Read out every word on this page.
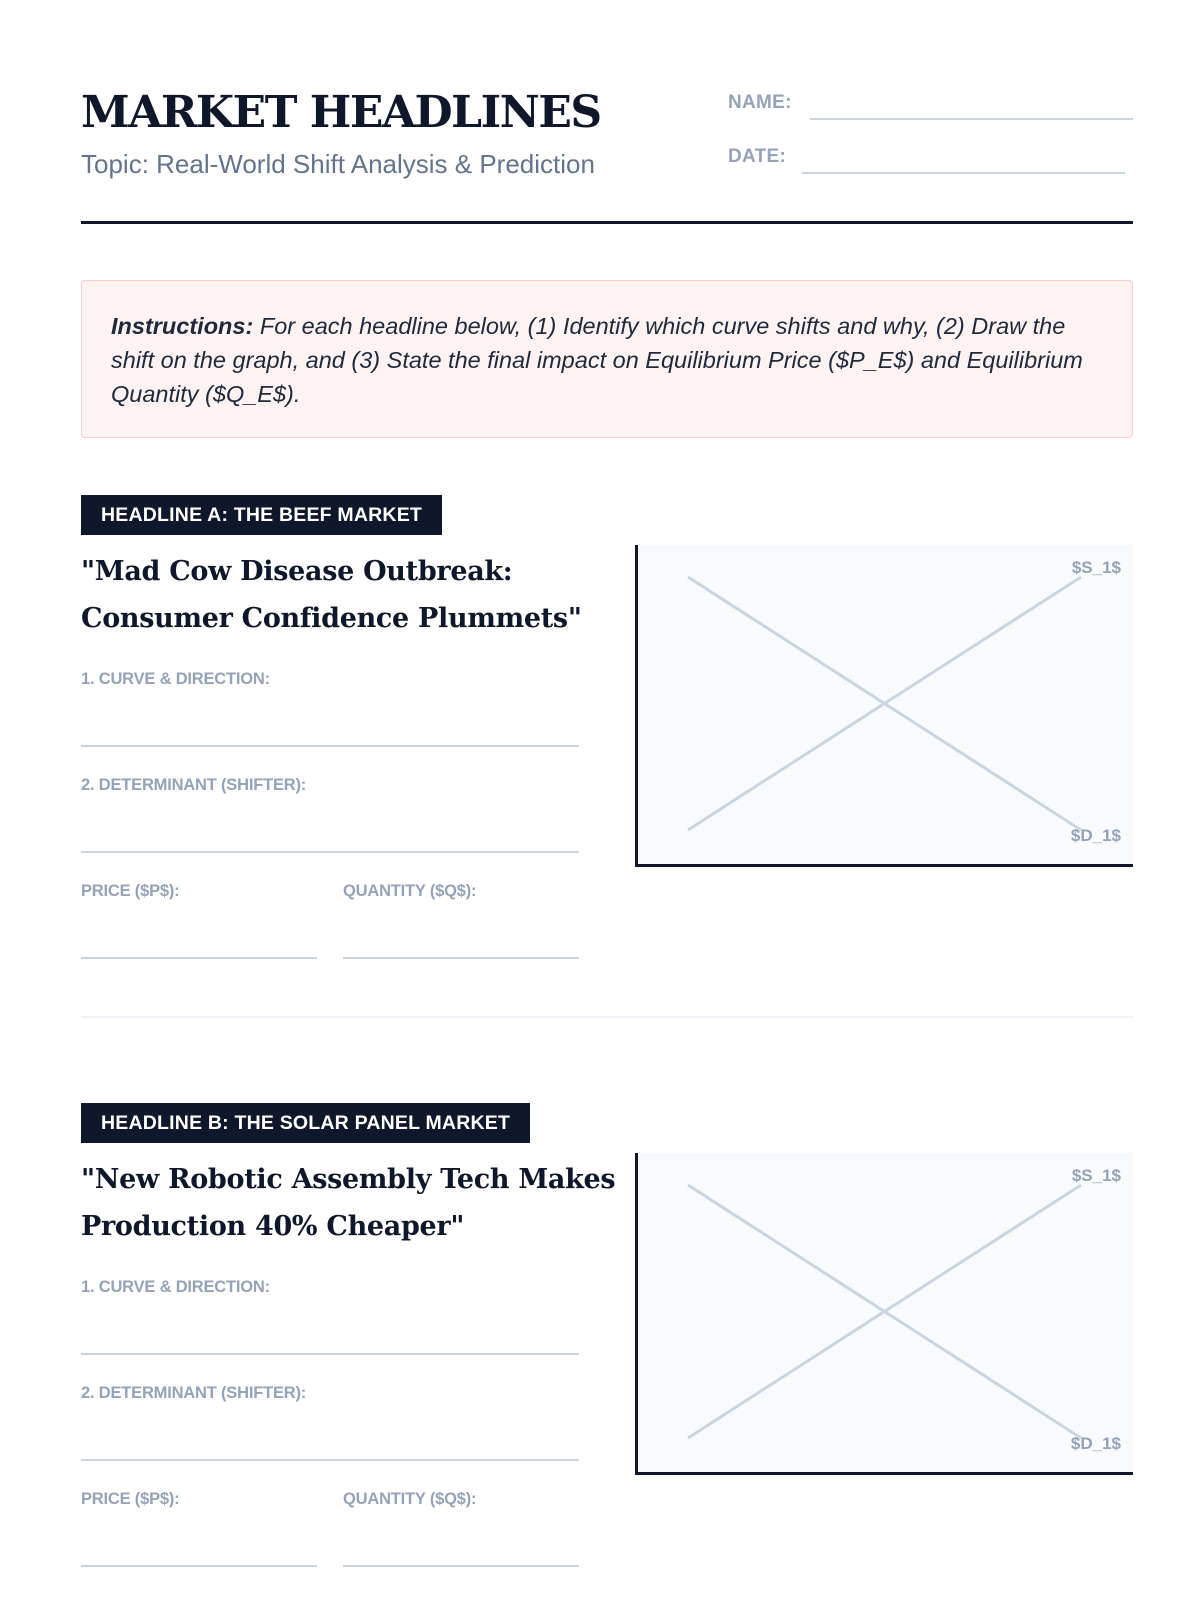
MARKET HEADLINES
Topic: Real-World Shift Analysis & Prediction
NAME:
DATE:
Instructions: For each headline below, (1) Identify which curve shifts and why, (2) Draw the shift on the graph, and (3) State the final impact on Equilibrium Price ($P_E$) and Equilibrium Quantity ($Q_E$).
HEADLINE A: THE BEEF MARKET
"Mad Cow Disease Outbreak: Consumer Confidence Plummets"
1. CURVE & DIRECTION:
2. DETERMINANT (SHIFTER):
PRICE ($P$):	QUANTITY ($Q$):
$S_1$
$D_1$
HEADLINE B: THE SOLAR PANEL MARKET
"New Robotic Assembly Tech Makes Production 40% Cheaper"
1. CURVE & DIRECTION:
2. DETERMINANT (SHIFTER):
PRICE ($P$):	QUANTITY ($Q$):
$S_1$
$D_1$
